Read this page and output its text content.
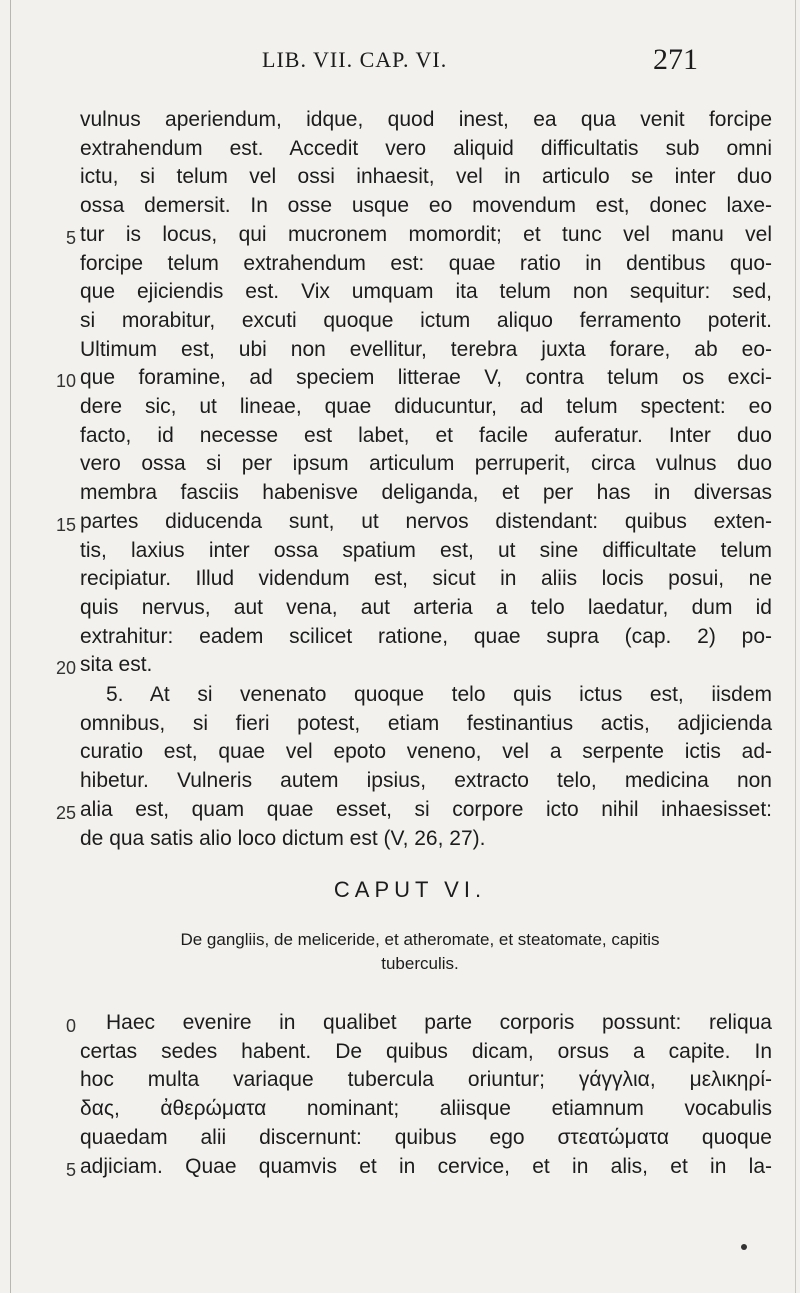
LIB. VII. CAP. VI.	271
vulnus aperiendum, idque, quod inest, ea qua venit forcipe
extrahendum est. Accedit vero aliquid difficultatis sub omni
ictu, si telum vel ossi inhaesit, vel in articulo se inter duo
ossa demersit. In osse usque eo movendum est, donec laxe-
5 tur is locus, qui mucronem momordit; et tunc vel manu vel
forcipe telum extrahendum est: quae ratio in dentibus quo-
que ejiciendis est. Vix umquam ita telum non sequitur: sed,
si morabitur, excuti quoque ictum aliquo ferramento poterit.
Ultimum est, ubi non evellitur, terebra juxta forare, ab eo-
10 que foramine, ad speciem litterae V, contra telum os exci-
dere sic, ut lineae, quae diducuntur, ad telum spectent: eo
facto, id necesse est labet, et facile auferatur. Inter duo
vero ossa si per ipsum articulum perruperit, circa vulnus duo
membra fasciis habenisve deliganda, et per has in diversas
15 partes diducenda sunt, ut nervos distendant: quibus exten-
tis, laxius inter ossa spatium est, ut sine difficultate telum
recipiatur. Illud videndum est, sicut in aliis locis posui, ne
quis nervus, aut vena, aut arteria a telo laedatur, dum id
extrahitur: eadem scilicet ratione, quae supra (cap. 2) po-
20 sita est.
5. At si venenato quoque telo quis ictus est, iisdem
omnibus, si fieri potest, etiam festinantius actis, adjicienda
curatio est, quae vel epoto veneno, vel a serpente ictis ad-
hibetur. Vulneris autem ipsius, extracto telo, medicina non
25 alia est, quam quae esset, si corpore icto nihil inhaesisset:
de qua satis alio loco dictum est (V, 26, 27).
CAPUT VI.
De gangliis, de meliceride, et atheromate, et steatomate, capitis
tuberculis.
0 Haec evenire in qualibet parte corporis possunt: reliqua
certas sedes habent. De quibus dicam, orsus a capite. In
hoc multa variaque tubercula oriuntur; γάγγλια, μελικηρί-
δας, ἀθερώματα nominant; aliisque etiamnum vocabulis
quaedam alii discernunt: quibus ego στεατώματα quoque
5 adjiciam. Quae quamvis et in cervice, et in alis, et in la-
